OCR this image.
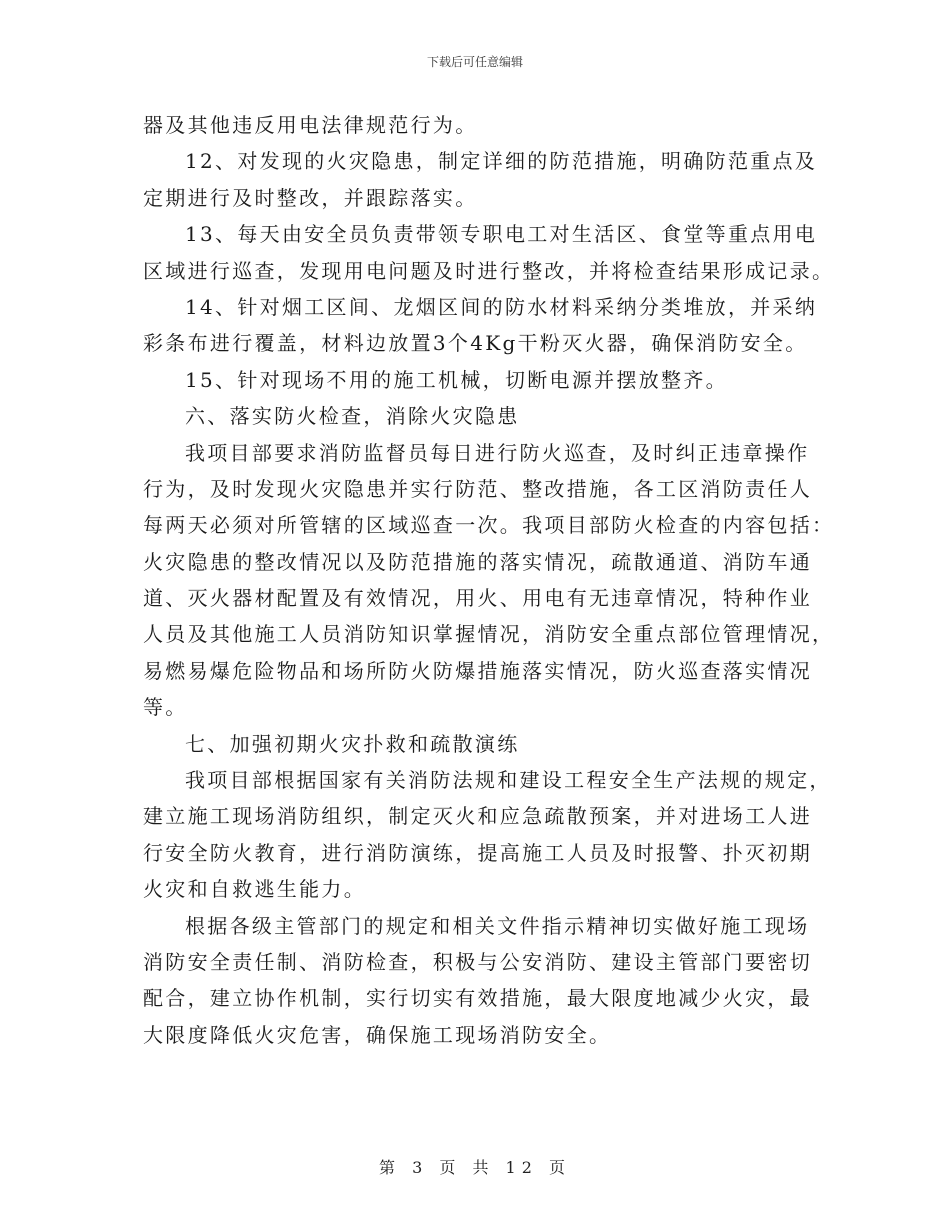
下载后可任意编辑
器及其他违反用电法律规范行为。
12、对发现的火灾隐患，制定详细的防范措施，明确防范重点及
定期进行及时整改，并跟踪落实。
13、每天由安全员负责带领专职电工对生活区、食堂等重点用电
区域进行巡查，发现用电问题及时进行整改，并将检查结果形成记录。
14、针对烟工区间、龙烟区间的防水材料采纳分类堆放，并采纳
彩条布进行覆盖，材料边放置3个4Kg干粉灭火器，确保消防安全。
15、针对现场不用的施工机械，切断电源并摆放整齐。
六、落实防火检查，消除火灾隐患
我项目部要求消防监督员每日进行防火巡查，及时纠正违章操作
行为，及时发现火灾隐患并实行防范、整改措施，各工区消防责任人
每两天必须对所管辖的区域巡查一次。我项目部防火检查的内容包括：
火灾隐患的整改情况以及防范措施的落实情况，疏散通道、消防车通
道、灭火器材配置及有效情况，用火、用电有无违章情况，特种作业
人员及其他施工人员消防知识掌握情况，消防安全重点部位管理情况，
易燃易爆危险物品和场所防火防爆措施落实情况，防火巡查落实情况
等。
七、加强初期火灾扑救和疏散演练
我项目部根据国家有关消防法规和建设工程安全生产法规的规定，
建立施工现场消防组织，制定灭火和应急疏散预案，并对进场工人进
行安全防火教育，进行消防演练，提高施工人员及时报警、扑灭初期
火灾和自救逃生能力。
根据各级主管部门的规定和相关文件指示精神切实做好施工现场
消防安全责任制、消防检查，积极与公安消防、建设主管部门要密切
配合，建立协作机制，实行切实有效措施，最大限度地减少火灾，最
大限度降低火灾危害，确保施工现场消防安全。
第 3 页 共 12 页
